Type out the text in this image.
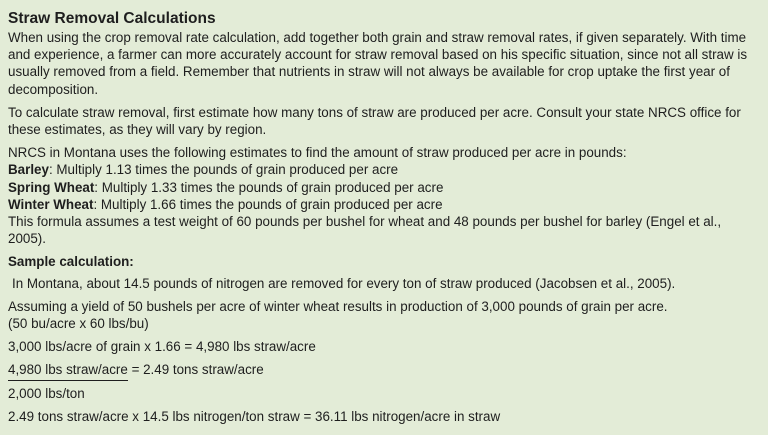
Straw Removal Calculations

When using the crop removal rate calculation, add together both grain and straw removal rates, if given separately. With time and experience, a farmer can more accurately account for straw removal based on his specific situation, since not all straw is usually removed from a field. Remember that nutrients in straw will not always be available for crop uptake the first year of decomposition.

To calculate straw removal, first estimate how many tons of straw are produced per acre. Consult your state NRCS office for these estimates, as they will vary by region.

NRCS in Montana uses the following estimates to find the amount of straw produced per acre in pounds:

Barley: Multiply 1.13 times the pounds of grain produced per acre

Spring Wheat: Multiply 1.33 times the pounds of grain produced per acre

Winter Wheat: Multiply 1.66 times the pounds of grain produced per acre

This formula assumes a test weight of 60 pounds per bushel for wheat and 48 pounds per bushel for barley (Engel et al., 2005).

Sample calculation:

In Montana, about 14.5 pounds of nitrogen are removed for every ton of straw produced (Jacobsen et al., 2005).

Assuming a yield of 50 bushels per acre of winter wheat results in production of 3,000 pounds of grain per acre.

(50 bu/acre x 60 lbs/bu)

3,000 lbs/acre of grain x 1.66 = 4,980 lbs straw/acre

4,980 lbs straw/acre = 2.49 tons straw/acre

2,000 lbs/ton

2.49 tons straw/acre x 14.5 lbs nitrogen/ton straw = 36.11 lbs nitrogen/acre in straw
